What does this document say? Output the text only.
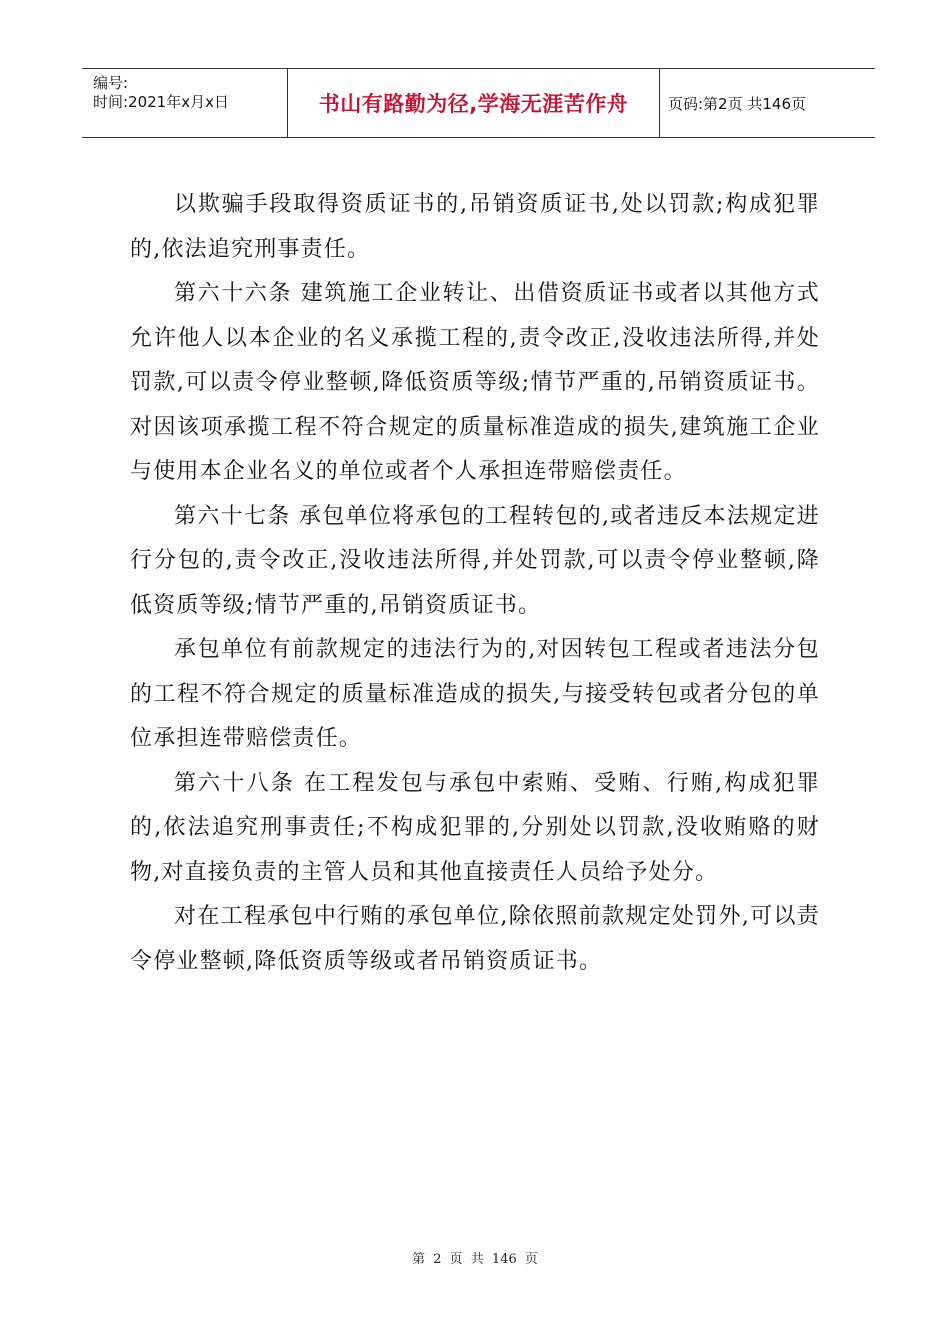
编号:
时间:2021年x月x日	书山有路勤为径,学海无涯苦作舟	页码:第2页 共146页

以欺骗手段取得资质证书的,吊销资质证书,处以罚款;构成犯罪的,依法追究刑事责任。

第六十六条 建筑施工企业转让、出借资质证书或者以其他方式允许他人以本企业的名义承揽工程的,责令改正,没收违法所得,并处罚款,可以责令停业整顿,降低资质等级;情节严重的,吊销资质证书。对因该项承揽工程不符合规定的质量标准造成的损失,建筑施工企业与使用本企业名义的单位或者个人承担连带赔偿责任。

第六十七条 承包单位将承包的工程转包的,或者违反本法规定进行分包的,责令改正,没收违法所得,并处罚款,可以责令停业整顿,降低资质等级;情节严重的,吊销资质证书。

承包单位有前款规定的违法行为的,对因转包工程或者违法分包的工程不符合规定的质量标准造成的损失,与接受转包或者分包的单位承担连带赔偿责任。

第六十八条 在工程发包与承包中索贿、受贿、行贿,构成犯罪的,依法追究刑事责任;不构成犯罪的,分别处以罚款,没收贿赂的财物,对直接负责的主管人员和其他直接责任人员给予处分。

对在工程承包中行贿的承包单位,除依照前款规定处罚外,可以责令停业整顿,降低资质等级或者吊销资质证书。

第 2 页 共 146 页
